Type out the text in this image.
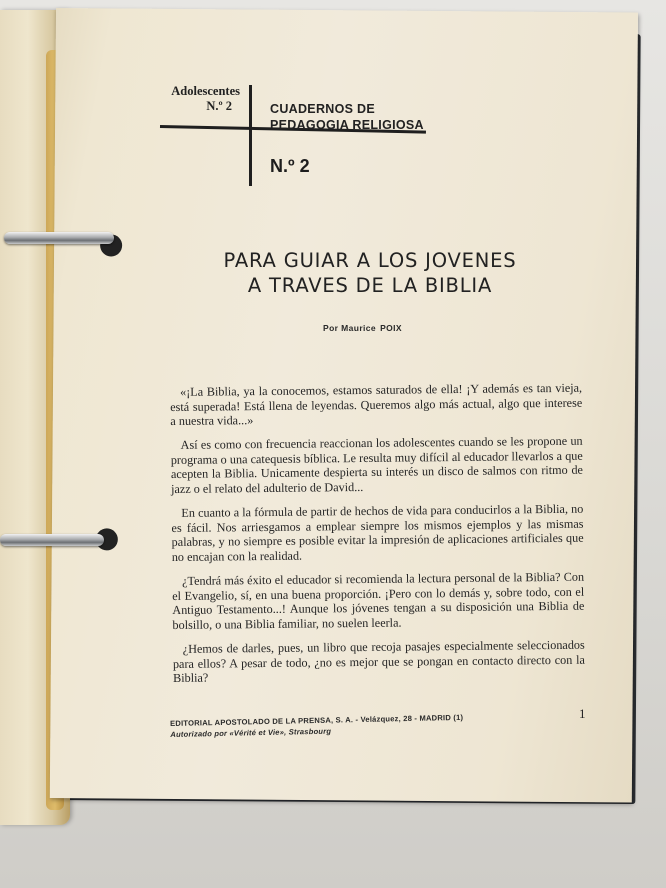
Adolescentes
N.º 2	CUADERNOS DE
PEDAGOGIA RELIGIOSA
N.º 2
PARA GUIAR A LOS JOVENES
A TRAVES DE LA BIBLIA
Por Maurice POIX

«¡La Biblia, ya la conocemos, estamos saturados de ella! ¡Y además es tan vieja, está superada! Está llena de leyendas. Queremos algo más actual, algo que interese a nuestra vida...»

Así es como con frecuencia reaccionan los adolescentes cuando se les propone un programa o una catequesis bíblica. Le resulta muy difícil al educador llevarlos a que acepten la Biblia. Unicamente despierta su interés un disco de salmos con ritmo de jazz o el relato del adulterio de David...

En cuanto a la fórmula de partir de hechos de vida para conducirlos a la Biblia, no es fácil. Nos arriesgamos a emplear siempre los mismos ejemplos y las mismas palabras, y no siempre es posible evitar la impresión de aplicaciones artificiales que no encajan con la realidad.

¿Tendrá más éxito el educador si recomienda la lectura personal de la Biblia? Con el Evangelio, sí, en una buena proporción. ¡Pero con lo demás y, sobre todo, con el Antiguo Testamento...! Aunque los jóvenes tengan a su disposición una Biblia de bolsillo, o una Biblia familiar, no suelen leerla.

¿Hemos de darles, pues, un libro que recoja pasajes especialmente seleccionados para ellos? A pesar de todo, ¿no es mejor que se pongan en contacto directo con la Biblia?

1
EDITORIAL APOSTOLADO DE LA PRENSA, S. A. - Velázquez, 28 - MADRID (1)
Autorizado por «Vérité et Vie», Strasbourg
